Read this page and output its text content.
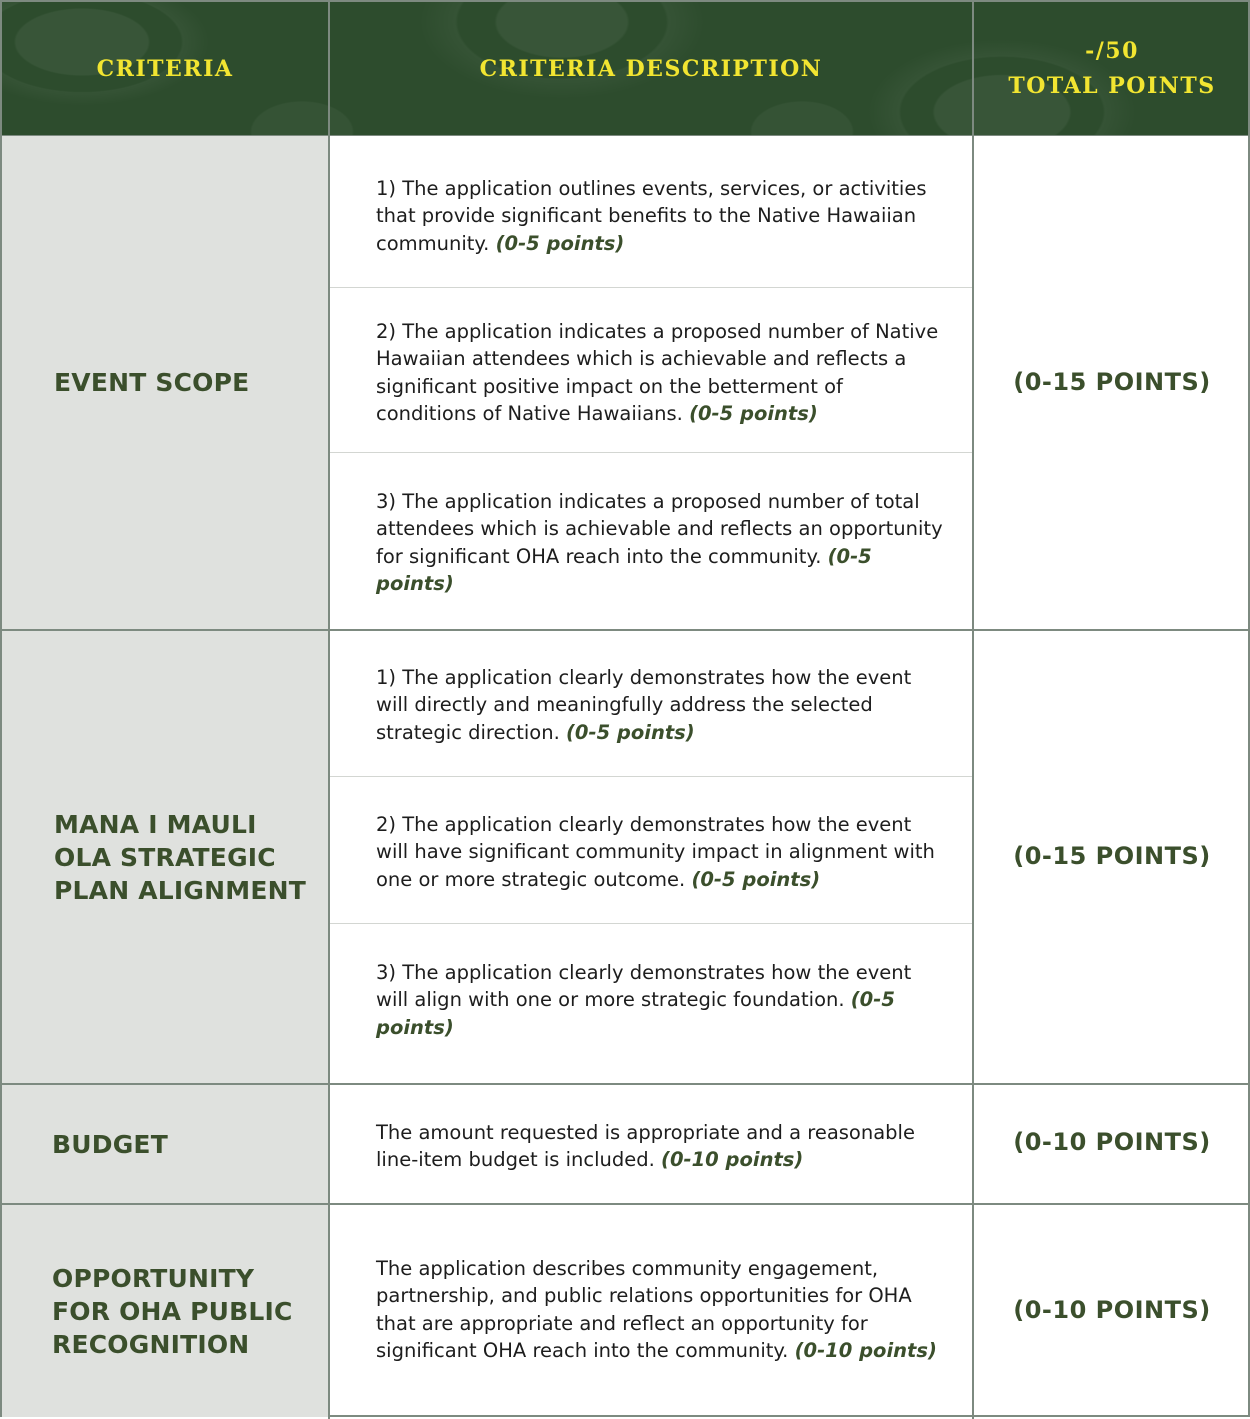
CRITERIA	CRITERIA DESCRIPTION
-/50
TOTAL POINTS
EVENT SCOPE
1) The application outlines events, services, or activities that provide significant benefits to the Native Hawaiian community. (0-5 points)
2) The application indicates a proposed number of Native Hawaiian attendees which is achievable and reflects a significant positive impact on the betterment of conditions of Native Hawaiians. (0-5 points)
3) The application indicates a proposed number of total attendees which is achievable and reflects an opportunity for significant OHA reach into the community. (0-5 points)
(0-15 POINTS)
MANA I MAULI
OLA STRATEGIC
PLAN ALIGNMENT
1) The application clearly demonstrates how the event will directly and meaningfully address the selected strategic direction. (0-5 points)
2) The application clearly demonstrates how the event will have significant community impact in alignment with one or more strategic outcome. (0-5 points)
3) The application clearly demonstrates how the event will align with one or more strategic foundation. (0-5 points)
(0-15 POINTS)
BUDGET	The amount requested is appropriate and a reasonable line-item budget is included. (0-10 points)
(0-10 POINTS)
OPPORTUNITY
FOR OHA PUBLIC
RECOGNITION
The application describes community engagement, partnership, and public relations opportunities for OHA that are appropriate and reflect an opportunity for significant OHA reach into the community. (0-10 points)
(0-10 POINTS)
